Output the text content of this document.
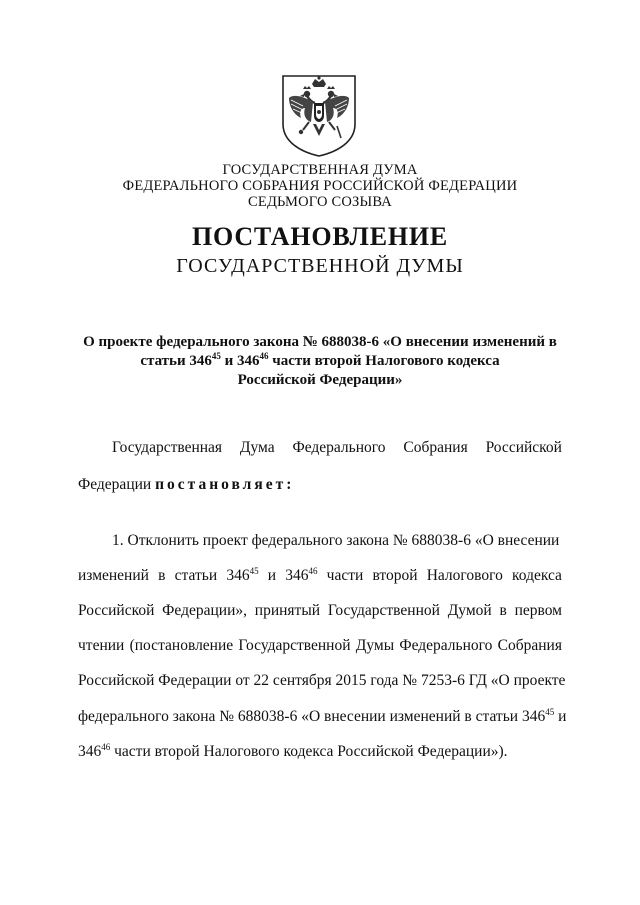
ГОСУДАРСТВЕННАЯ ДУМА
ФЕДЕРАЛЬНОГО СОБРАНИЯ РОССИЙСКОЙ ФЕДЕРАЦИИ
СЕДЬМОГО СОЗЫВА
ПОСТАНОВЛЕНИЕ
ГОСУДАРСТВЕННОЙ ДУМЫ
О проекте федерального закона № 688038-6 «О внесении изменений в
статьи $346^{45}$ и $346^{46}$ части второй Налогового кодекса
Российской Федерации»
Государственная Дума Федерального Собрания Российской
Федерации постановляет:
1. Отклонить проект федерального закона № 688038-6 «О внесении
изменений в статьи $346^{45}$ и $346^{46}$ части второй Налогового кодекса
Российской Федерации», принятый Государственной Думой в первом
чтении (постановление Государственной Думы Федерального Собрания
Российской Федерации от 22 сентября 2015 года № 7253-6 ГД «О проекте
федерального закона № 688038-6 «О внесении изменений в статьи $346^{45}$ и
$346^{46}$ части второй Налогового кодекса Российской Федерации»).
